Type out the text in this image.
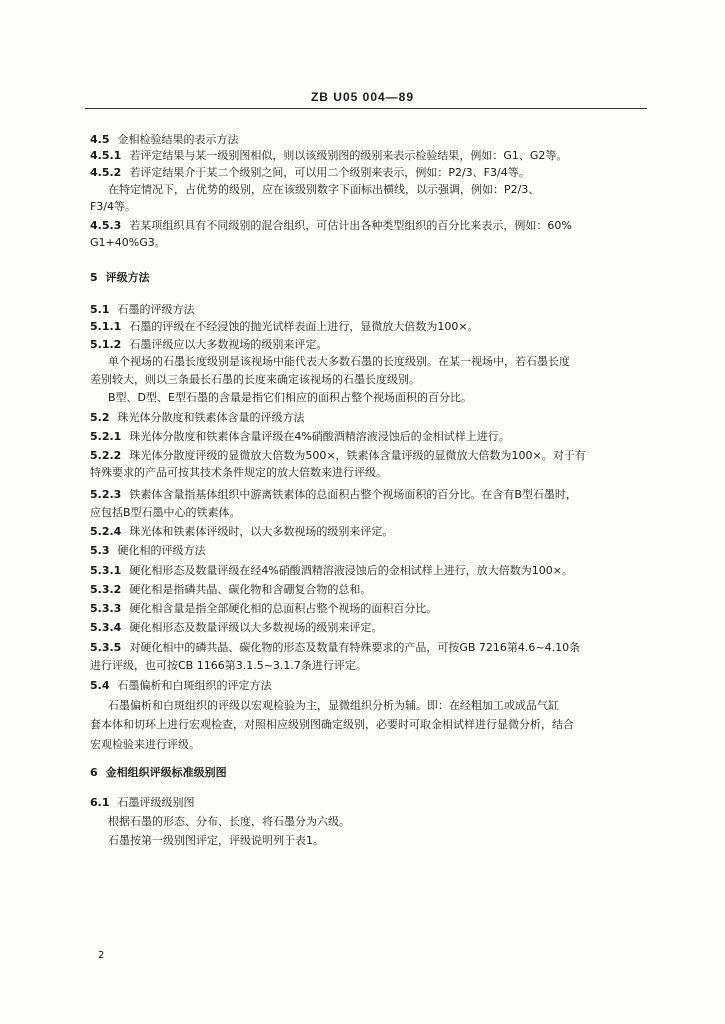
ZB U05 004—89
4.5 金相检验结果的表示方法
4.5.1 若评定结果与某一级别图相似，则以该级别图的级别来表示检验结果，例如：G1、G2等。
4.5.2 若评定结果介于某二个级别之间，可以用二个级别来表示，例如：P2/3、F3/4等。
在特定情况下，占优势的级别，应在该级别数字下面标出横线，以示强调，例如：P2/3、
F3/4等。
4.5.3 若某项组织具有不同级别的混合组织，可估计出各种类型组织的百分比来表示，例如：60%
G1+40%G3。
5 评级方法
5.1 石墨的评级方法
5.1.1 石墨的评级在不经浸蚀的抛光试样表面上进行，显微放大倍数为100×。
5.1.2 石墨评级应以大多数视场的级别来评定。
单个视场的石墨长度级别是该视场中能代表大多数石墨的长度级别。在某一视场中，若石墨长度
差别较大，则以三条最长石墨的长度来确定该视场的石墨长度级别。
B型、D型、E型石墨的含量是指它们相应的面积占整个视场面积的百分比。
5.2 珠光体分散度和铁素体含量的评级方法
5.2.1 珠光体分散度和铁素体含量评级在4%硝酸酒精溶液浸蚀后的金相试样上进行。
5.2.2 珠光体分散度评级的显微放大倍数为500×，铁素体含量评级的显微放大倍数为100×。对于有
特殊要求的产品可按其技术条件规定的放大倍数来进行评级。
5.2.3 铁素体含量指基体组织中游离铁素体的总面积占整个视场面积的百分比。在含有B型石墨时，
应包括B型石墨中心的铁素体。
5.2.4 珠光体和铁素体评级时，以大多数视场的级别来评定。
5.3 硬化相的评级方法
5.3.1 硬化相形态及数量评级在经4%硝酸酒精溶液浸蚀后的金相试样上进行，放大倍数为100×。
5.3.2 硬化相是指磷共晶、碳化物和含硼复合物的总和。
5.3.3 硬化相含量是指全部硬化相的总面积占整个视场的面积百分比。
5.3.4 硬化相形态及数量评级以大多数视场的级别来评定。
5.3.5 对硬化相中的磷共晶、碳化物的形态及数量有特殊要求的产品，可按GB 7216第4.6~4.10条
进行评级，也可按CB 1166第3.1.5~3.1.7条进行评定。
5.4 石墨偏析和白斑组织的评定方法
石墨偏析和白斑组织的评级以宏观检验为主，显微组织分析为辅。即：在经粗加工或成品气缸
套本体和切环上进行宏观检查，对照相应级别图确定级别，必要时可取金相试样进行显微分析，结合
宏观检验来进行评级。
6 金相组织评级标准级别图
6.1 石墨评级级别图
根据石墨的形态、分布、长度，将石墨分为六级。
石墨按第一级别图评定，评级说明列于表1。
2
